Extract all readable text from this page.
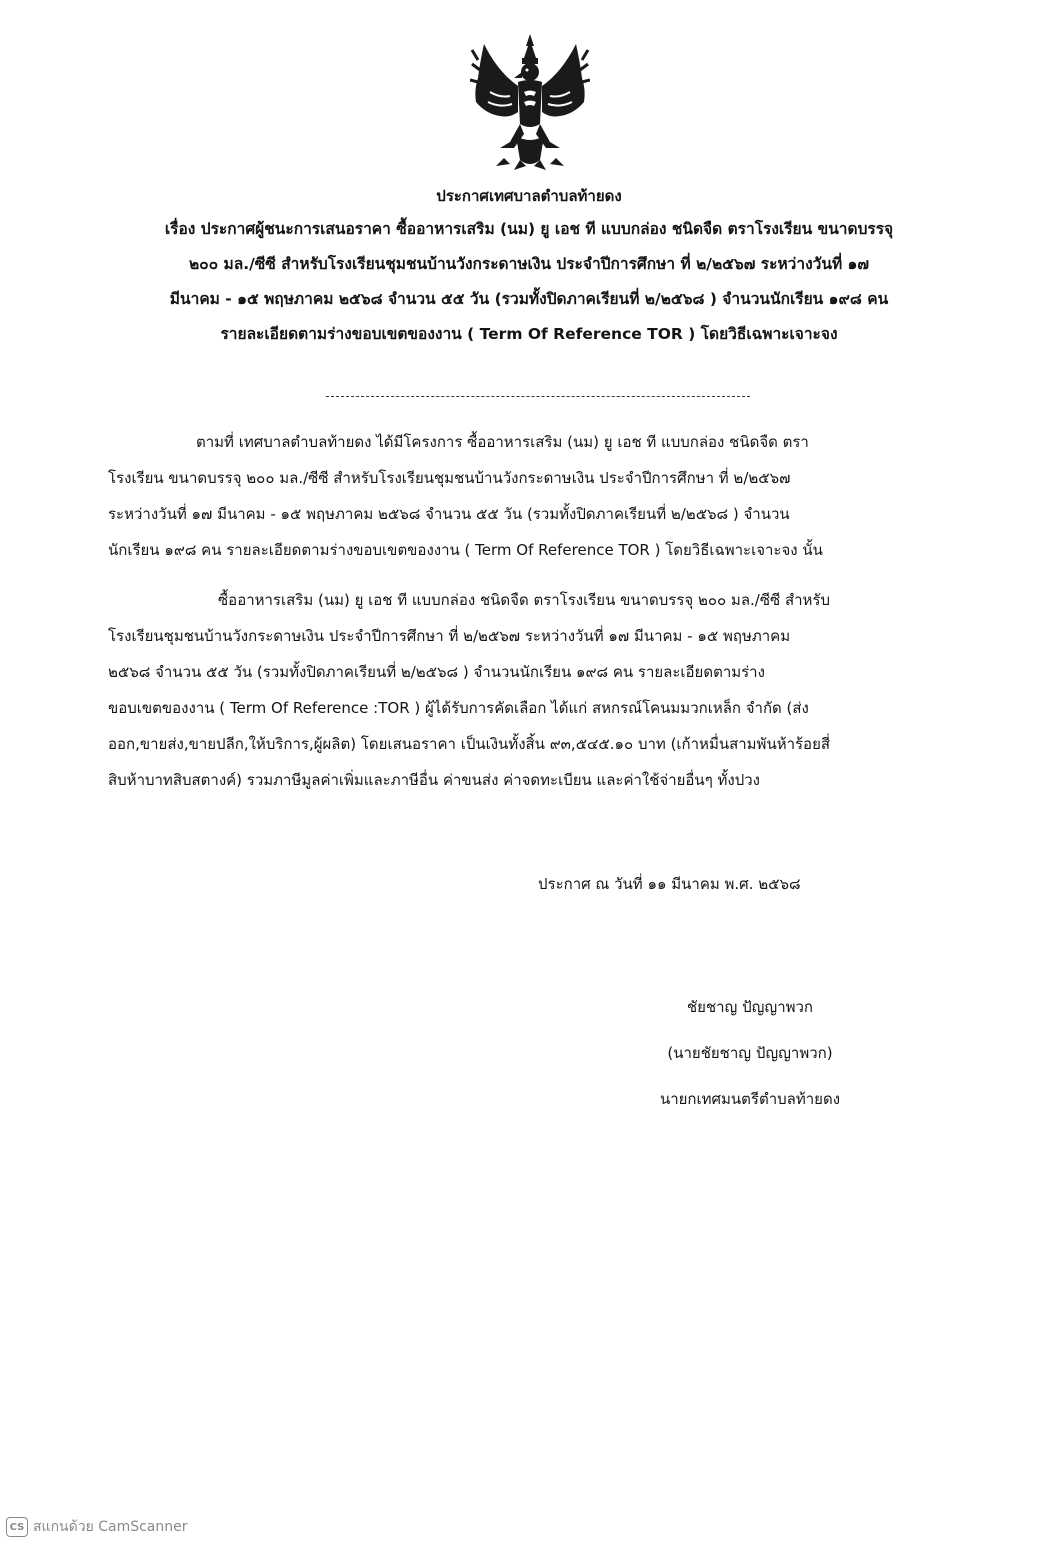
ประกาศเทศบาลตำบลท้ายดง
เรื่อง ประกาศผู้ชนะการเสนอราคา ซื้ออาหารเสริม (นม) ยู เอช ที แบบกล่อง ชนิดจืด ตราโรงเรียน ขนาดบรรจุ
๒๐๐ มล./ซีซี สำหรับโรงเรียนชุมชนบ้านวังกระดาษเงิน ประจำปีการศึกษา ที่ ๒/๒๕๖๗ ระหว่างวันที่ ๑๗
มีนาคม - ๑๕ พฤษภาคม ๒๕๖๘ จำนวน ๕๕ วัน (รวมทั้งปิดภาคเรียนที่ ๒/๒๕๖๘ ) จำนวนนักเรียน ๑๙๘ คน
รายละเอียดตามร่างขอบเขตของงาน ( Term Of Reference TOR ) โดยวิธีเฉพาะเจาะจง
ตามที่ เทศบาลตำบลท้ายดง ได้มีโครงการ ซื้ออาหารเสริม (นม) ยู เอช ที แบบกล่อง ชนิดจืด ตรา
โรงเรียน ขนาดบรรจุ ๒๐๐ มล./ซีซี สำหรับโรงเรียนชุมชนบ้านวังกระดาษเงิน ประจำปีการศึกษา ที่ ๒/๒๕๖๗
ระหว่างวันที่ ๑๗ มีนาคม - ๑๕ พฤษภาคม ๒๕๖๘ จำนวน ๕๕ วัน (รวมทั้งปิดภาคเรียนที่ ๒/๒๕๖๘ ) จำนวน
นักเรียน ๑๙๘ คน รายละเอียดตามร่างขอบเขตของงาน ( Term Of Reference TOR ) โดยวิธีเฉพาะเจาะจง นั้น
ซื้ออาหารเสริม (นม) ยู เอช ที แบบกล่อง ชนิดจืด ตราโรงเรียน ขนาดบรรจุ ๒๐๐ มล./ซีซี สำหรับ
โรงเรียนชุมชนบ้านวังกระดาษเงิน ประจำปีการศึกษา ที่ ๒/๒๕๖๗ ระหว่างวันที่ ๑๗ มีนาคม - ๑๕ พฤษภาคม
๒๕๖๘ จำนวน ๕๕ วัน (รวมทั้งปิดภาคเรียนที่ ๒/๒๕๖๘ ) จำนวนนักเรียน ๑๙๘ คน รายละเอียดตามร่าง
ขอบเขตของงาน ( Term Of Reference :TOR ) ผู้ได้รับการคัดเลือก ได้แก่ สหกรณ์โคนมมวกเหล็ก จำกัด (ส่ง
ออก,ขายส่ง,ขายปลีก,ให้บริการ,ผู้ผลิต) โดยเสนอราคา เป็นเงินทั้งสิ้น ๙๓,๕๔๕.๑๐ บาท (เก้าหมื่นสามพันห้าร้อยสี่
สิบห้าบาทสิบสตางค์) รวมภาษีมูลค่าเพิ่มและภาษีอื่น ค่าขนส่ง ค่าจดทะเบียน และค่าใช้จ่ายอื่นๆ ทั้งปวง
ประกาศ ณ วันที่ ๑๑ มีนาคม พ.ศ. ๒๕๖๘
ชัยชาญ ปัญญาพวก
(นายชัยชาญ ปัญญาพวก)
นายกเทศมนตรีตำบลท้ายดง
CS สแกนด้วย CamScanner
